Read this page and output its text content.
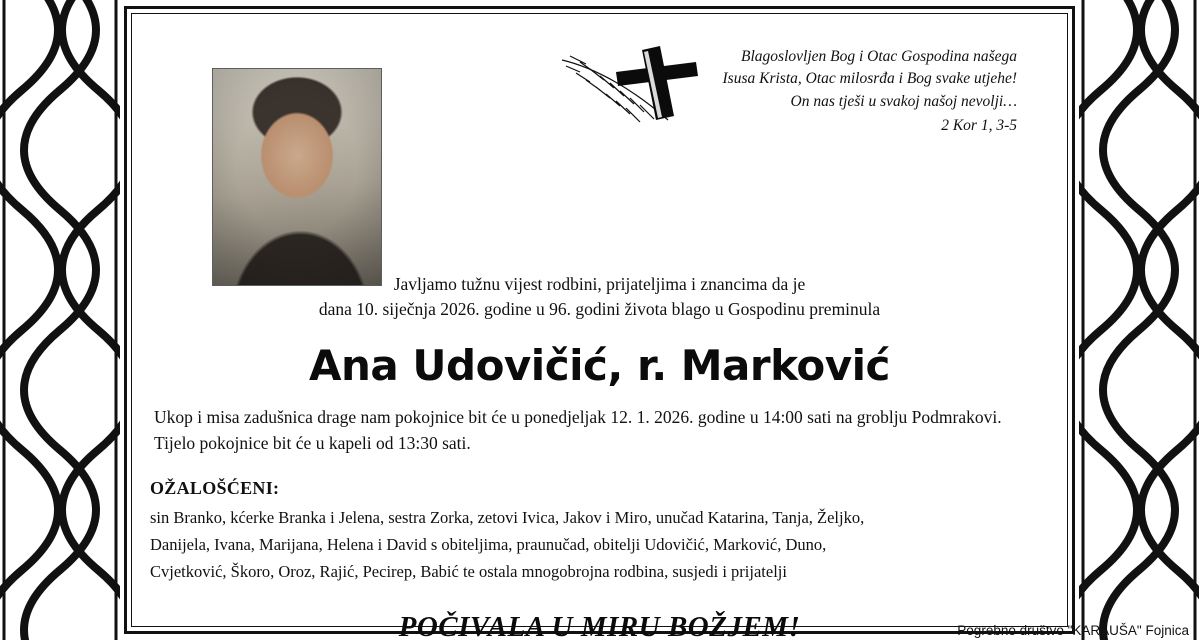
Blagoslovljen Bog i Otac Gospodina našega
Isusa Krista, Otac milosrđa i Bog svake utjehe!
On nas tješi u svakoj našoj nevolji…
2 Kor 1, 3-5
Javljamo tužnu vijest rodbini, prijateljima i znancima da je
dana 10. siječnja 2026. godine u 96. godini života blago u Gospodinu preminula
Ana Udovičić, r. Marković
Ukop i misa zadušnica drage nam pokojnice bit će u ponedjeljak 12. 1. 2026. godine u 14:00 sati na groblju Podmrakovi. Tijelo pokojnice bit će u kapeli od 13:30 sati.
OŽALOŠĆENI:
sin Branko, kćerke Branka i Jelena, sestra Zorka, zetovi Ivica, Jakov i Miro, unučad Katarina, Tanja, Željko,
Danijela, Ivana, Marijana, Helena i David s obiteljima, praunučad, obitelji Udovičić, Marković, Duno,
Cvjetković, Škoro, Oroz, Rajić, Pecirep, Babić te ostala mnogobrojna rodbina, susjedi i prijatelji
POČIVALA U MIRU BOŽJEM!	Pogrebno društvo "KARAUŠA" Fojnica
